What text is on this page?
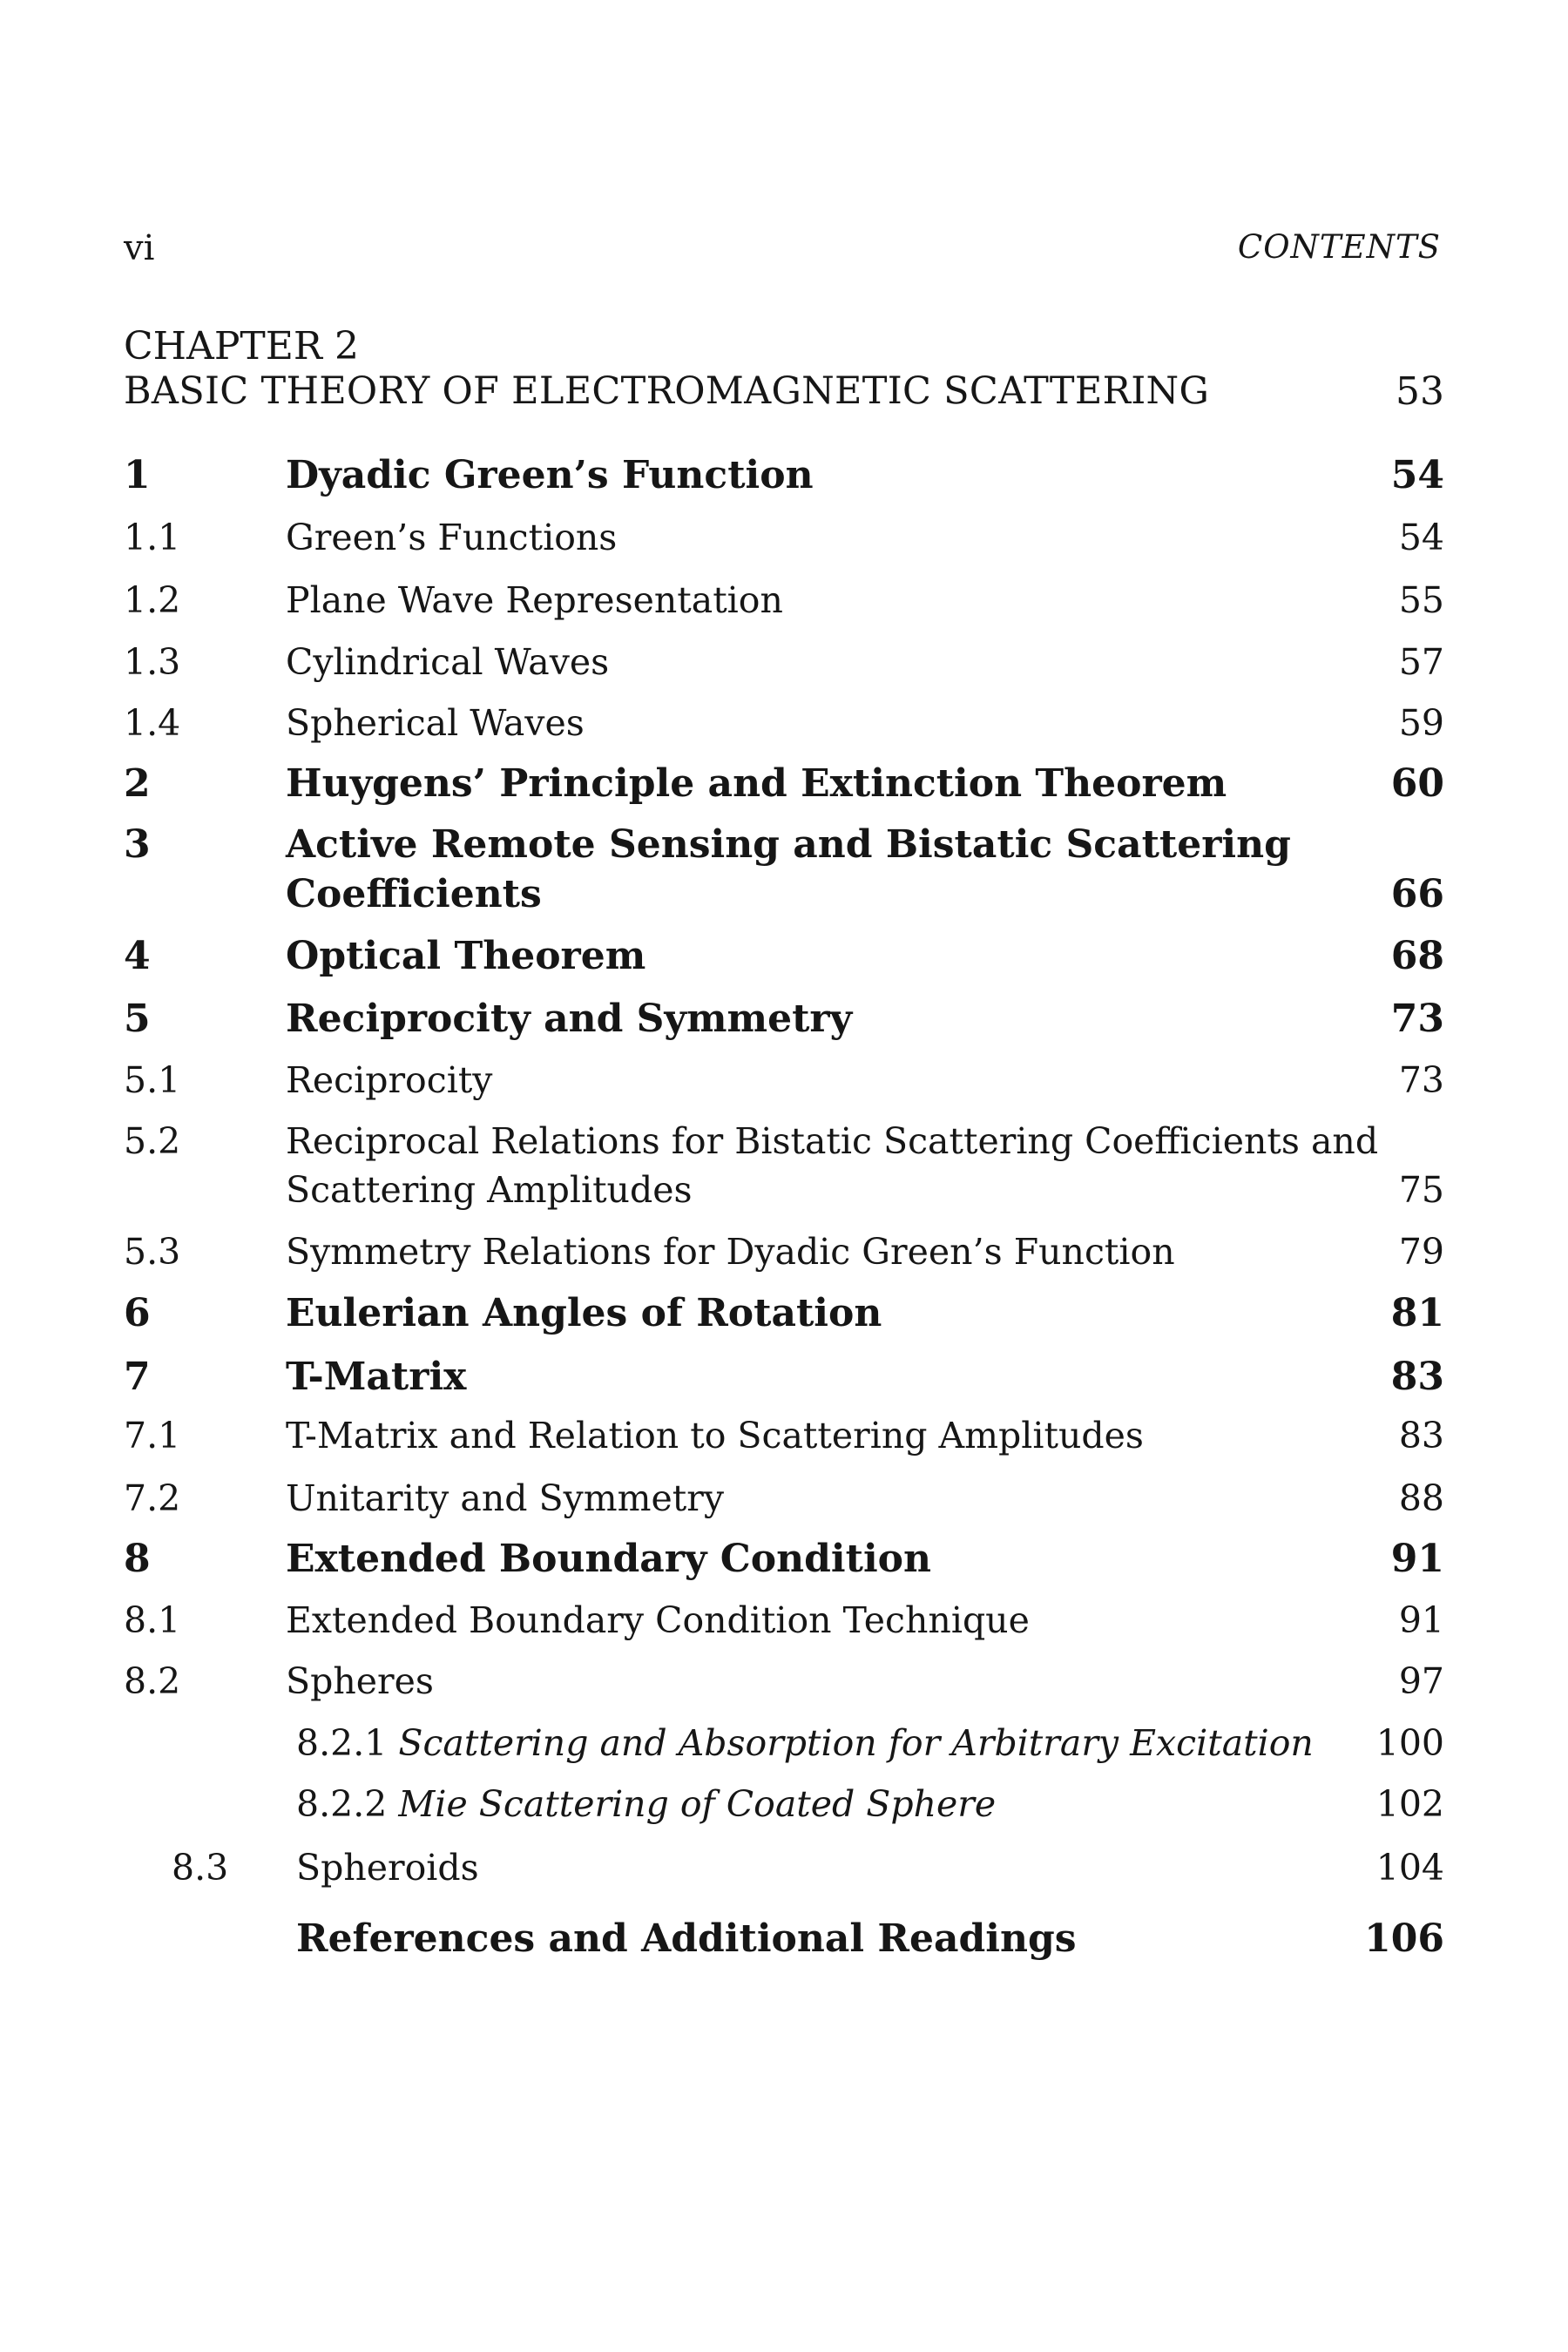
vi	CONTENTS
CHAPTER 2
BASIC THEORY OF ELECTROMAGNETIC SCATTERING	53
1	Dyadic Green’s Function	54
1.1	Green’s Functions	54
1.2	Plane Wave Representation	55
1.3	Cylindrical Waves	57
1.4	Spherical Waves	59
2	Huygens’ Principle and Extinction Theorem	60
3	Active Remote Sensing and Bistatic Scattering
Coefficients	66
4	Optical Theorem	68
5	Reciprocity and Symmetry	73
5.1	Reciprocity	73
5.2	Reciprocal Relations for Bistatic Scattering Coefficients and
Scattering Amplitudes	75
5.3	Symmetry Relations for Dyadic Green’s Function	79
6	Eulerian Angles of Rotation	81
7	T-Matrix	83
7.1	T-Matrix and Relation to Scattering Amplitudes	83
7.2	Unitarity and Symmetry	88
8	Extended Boundary Condition	91
8.1	Extended Boundary Condition Technique	91
8.2	Spheres	97
8.2.1 Scattering and Absorption for Arbitrary Excitation 100
8.2.2 Mie Scattering of Coated Sphere	102
8.3	Spheroids	104
References and Additional Readings	106
